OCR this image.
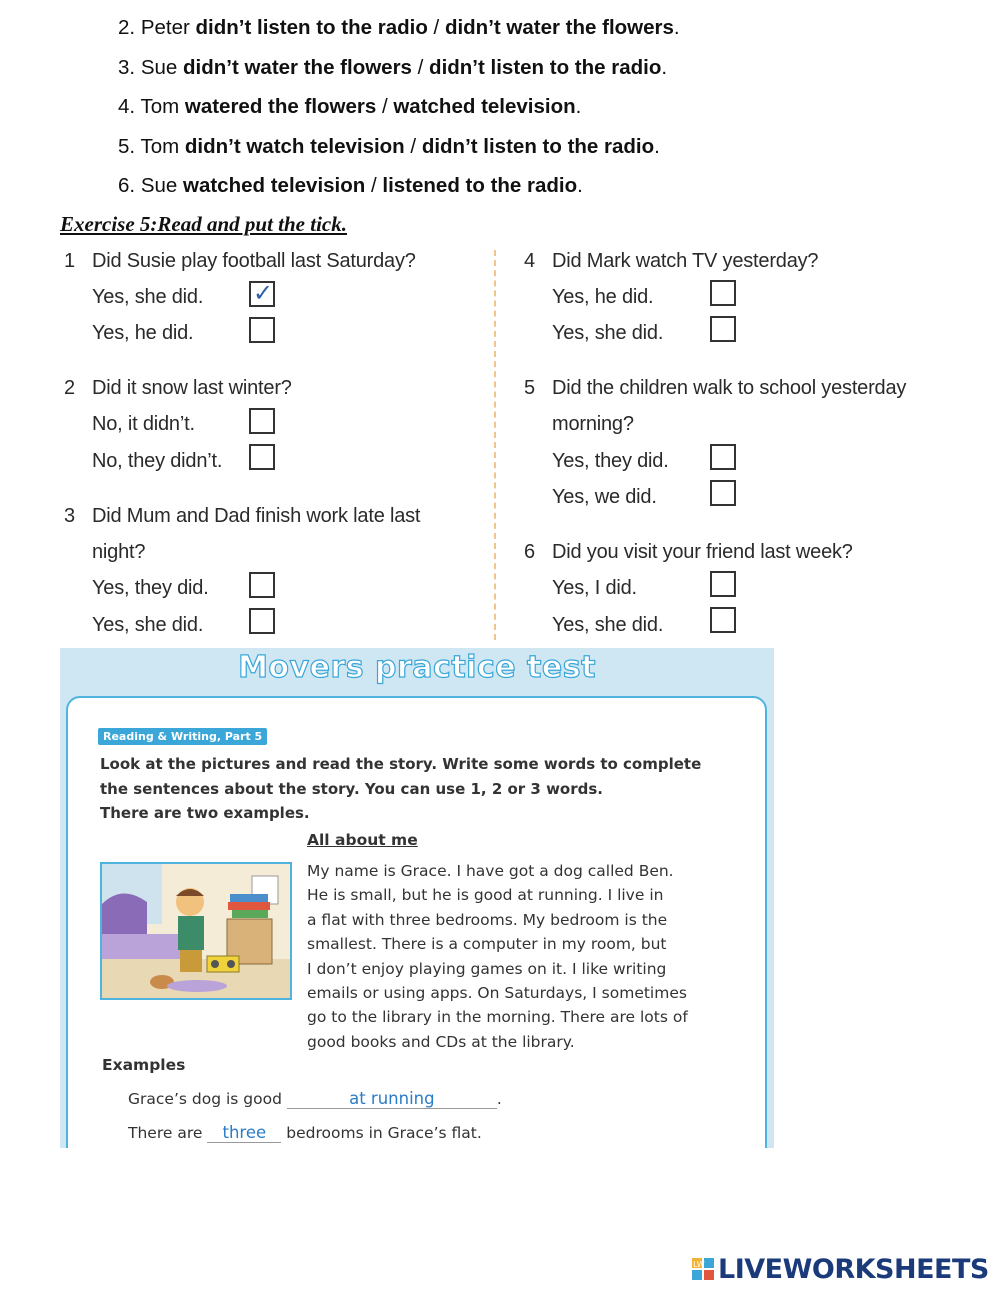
2. Peter didn’t listen to the radio / didn’t water the flowers.
3. Sue didn’t water the flowers / didn’t listen to the radio.
4. Tom watered the flowers / watched television.
5. Tom didn’t watch television / didn’t listen to the radio.
6. Sue watched television / listened to the radio.
Exercise 5:Read and put the tick.
1 Did Susie play football last Saturday?
Yes, she did.
✓
Yes, he did.
2 Did it snow last winter?
No, it didn’t.
No, they didn’t.
3 Did Mum and Dad finish work late last
night?
Yes, they did.
Yes, she did.
4 Did Mark watch TV yesterday?
Yes, he did.
Yes, she did.
5 Did the children walk to school yesterday
morning?
Yes, they did.
Yes, we did.
6 Did you visit your friend last week?
Yes, I did.
Yes, she did.
Movers practice test
Reading & Writing, Part 5
Look at the pictures and read the story. Write some words to complete
the sentences about the story. You can use 1, 2 or 3 words.
There are two examples.
All about me
My name is Grace. I have got a dog called Ben.
He is small, but he is good at running. I live in
a flat with three bedrooms. My bedroom is the
smallest. There is a computer in my room, but
I don’t enjoy playing games on it. I like writing
emails or using apps. On Saturdays, I sometimes
go to the library in the morning. There are lots of
good books and CDs at the library.
Examples
Grace’s dog is good	at running	.
There are three bedrooms in Grace’s flat.
LW LIVEWORKSHEETS
